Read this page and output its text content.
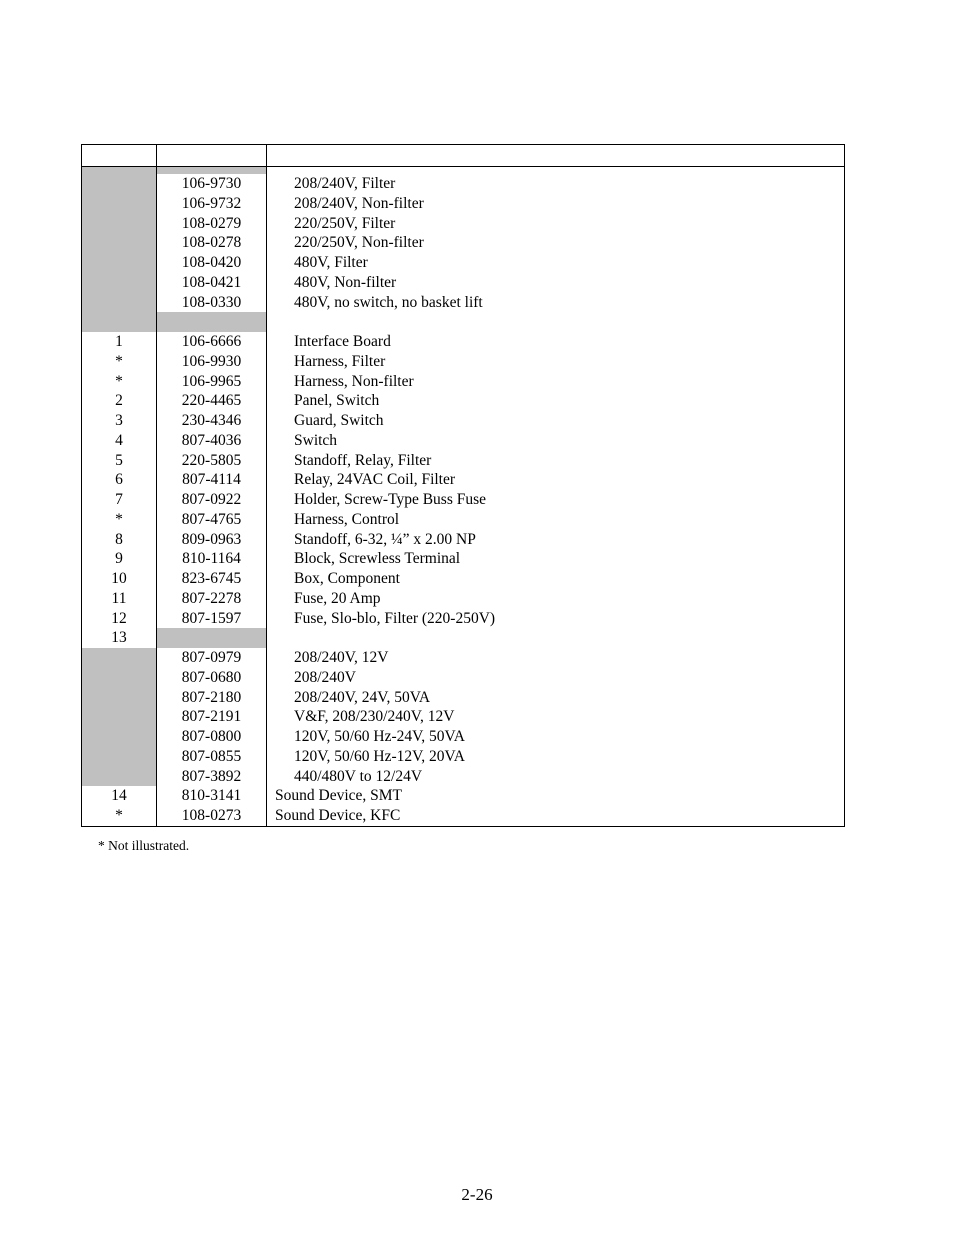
	106-9730	208/240V, Filter
	106-9732	208/240V, Non-filter
	108-0279	220/250V, Filter
	108-0278	220/250V, Non-filter
	108-0420	480V, Filter
	108-0421	480V, Non-filter
	108-0330	480V, no switch, no basket lift

1	106-6666	Interface Board
*	106-9930	Harness, Filter
*	106-9965	Harness, Non-filter
2	220-4465	Panel, Switch
3	230-4346	Guard, Switch
4	807-4036	Switch
5	220-5805	Standoff, Relay, Filter
6	807-4114	Relay, 24VAC Coil, Filter
7	807-0922	Holder, Screw-Type Buss Fuse
*	807-4765	Harness, Control
8	809-0963	Standoff, 6-32, ¼” x 2.00 NP
9	810-1164	Block, Screwless Terminal
10	823-6745	Box, Component
11	807-2278	Fuse, 20 Amp
12	807-1597	Fuse, Slo-blo, Filter (220-250V)
13		
	807-0979	208/240V, 12V
	807-0680	208/240V
	807-2180	208/240V, 24V, 50VA
	807-2191	V&F, 208/230/240V, 12V
	807-0800	120V, 50/60 Hz-24V, 50VA
	807-0855	120V, 50/60 Hz-12V, 20VA
	807-3892	440/480V to 12/24V
14	810-3141	Sound Device, SMT
*	108-0273	Sound Device, KFC
* Not illustrated.
2-26
